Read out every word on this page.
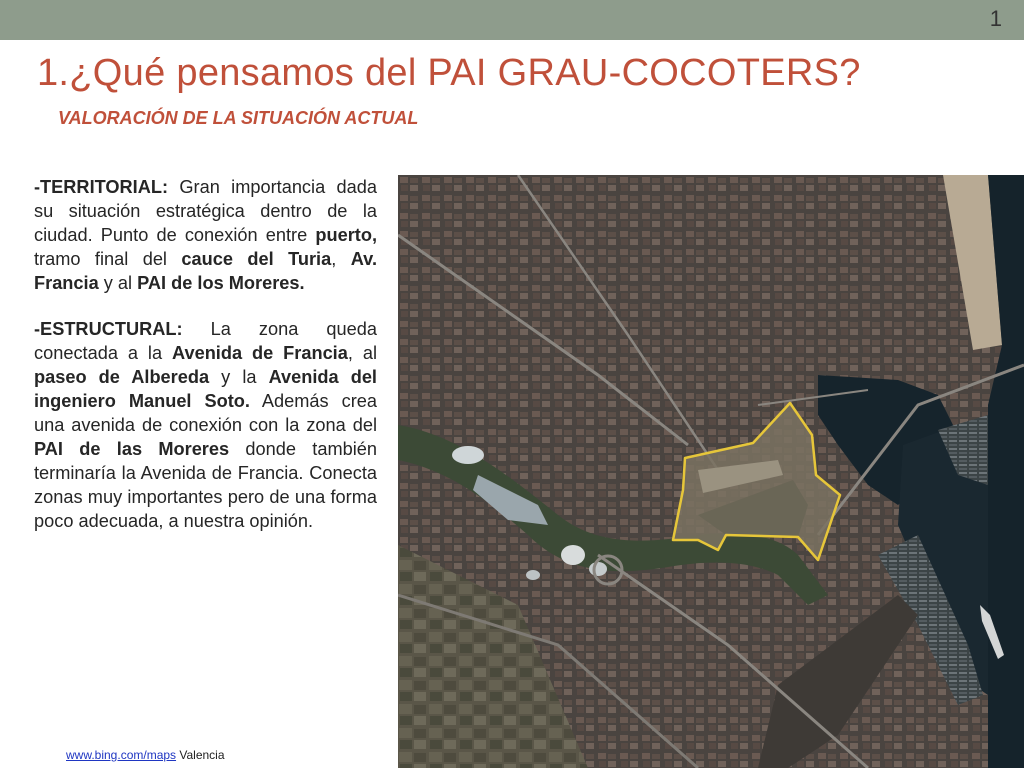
1
1.¿Qué pensamos del PAI GRAU-COCOTERS?
VALORACIÓN DE LA SITUACIÓN ACTUAL

-TERRITORIAL: Gran importancia dada su situación estratégica dentro de la ciudad. Punto de conexión entre puerto, tramo final del cauce del Turia, Av. Francia y al PAI de los Moreres.

-ESTRUCTURAL: La zona queda conectada a la Avenida de Francia, al paseo de Albereda y la Avenida del ingeniero Manuel Soto. Además crea una avenida de conexión con la zona del PAI de las Moreres donde también terminaría la Avenida de Francia. Conecta zonas muy importantes pero de una forma poco adecuada, a nuestra opinión.

www.bing.com/maps Valencia
